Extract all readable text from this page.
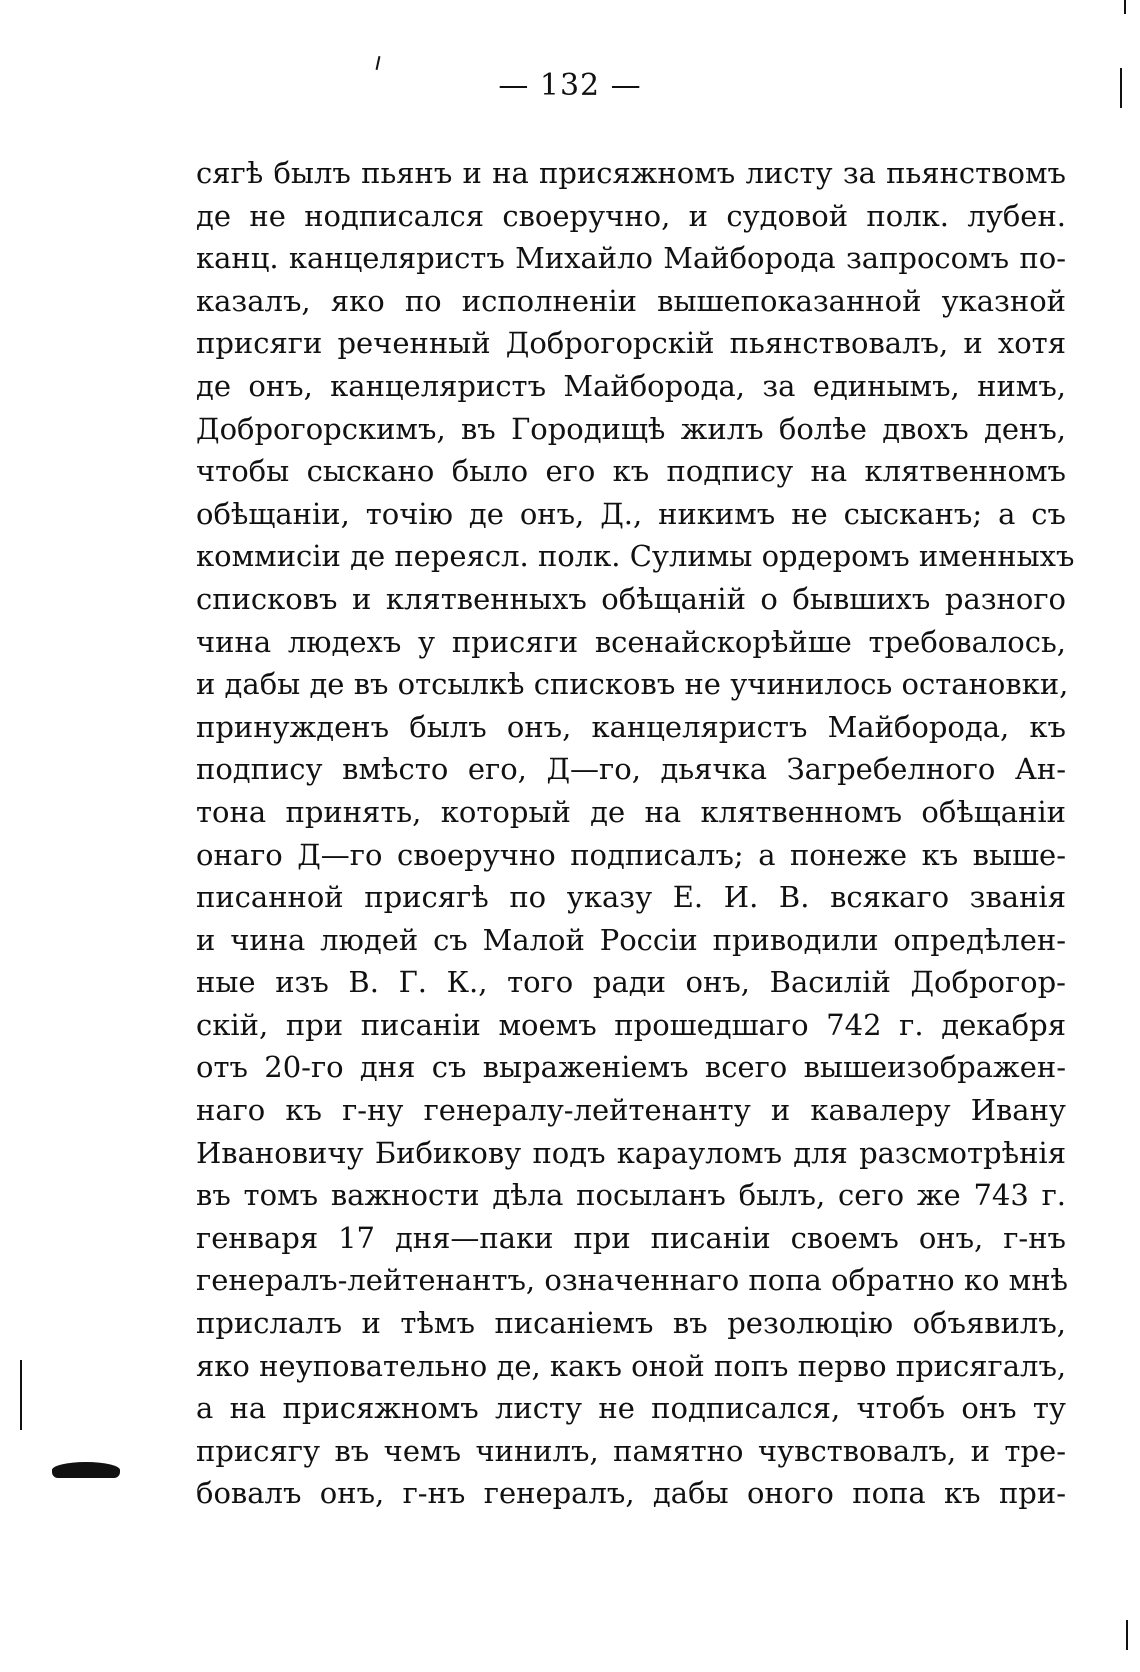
— 132 —
сягѣ былъ пьянъ и на присяжномъ листу за пьянствомъ
де не нодписался своеручно, и судовой полк. лубен.
канц. канцеляристъ Михайло Майборода запросомъ по-
казалъ, яко по исполненіи вышепоказанной указной
присяги реченный Доброгорскій пьянствовалъ, и хотя
де онъ, канцеляристъ Майборода, за единымъ, нимъ,
Доброгорскимъ, въ Городищѣ жилъ болѣе двохъ денъ,
чтобы сыскано было его къ подпису на клятвенномъ
обѣщаніи, точію де онъ, Д., никимъ не сысканъ; а съ
коммисіи де переясл. полк. Сулимы ордеромъ именныхъ
списковъ и клятвенныхъ обѣщаній о бывшихъ разного
чина людехъ у присяги всенайскорѣйше требовалось,
и дабы де въ отсылкѣ списковъ не учинилось остановки,
принужденъ былъ онъ, канцеляристъ Майборода, къ
подпису вмѣсто его, Д—го, дьячка Загребелного Ан-
тона принять, который де на клятвенномъ обѣщаніи
онаго Д—го своеручно подписалъ; а понеже къ выше-
писанной присягѣ по указу Е. И. В. всякаго званія
и чина людей съ Малой Россіи приводили опредѣлен-
ные изъ В. Г. К., того ради онъ, Василій Доброгор-
скій, при писаніи моемъ прошедшаго 742 г. декабря
отъ 20-го дня съ выраженіемъ всего вышеизображен-
наго къ г-ну генералу-лейтенанту и кавалеру Ивану
Ивановичу Бибикову подъ карауломъ для разсмотрѣнія
въ томъ важности дѣла посыланъ былъ, сего же 743 г.
генваря 17 дня—паки при писаніи своемъ онъ, г-нъ
генералъ-лейтенантъ, означеннаго попа обратно ко мнѣ
прислалъ и тѣмъ писаніемъ въ резолюцію объявилъ,
яко неуповательно де, какъ оной попъ перво присягалъ,
а на присяжномъ листу не подписался, чтобъ онъ ту
присягу въ чемъ чинилъ, памятно чувствовалъ, и тре-
бовалъ онъ, г-нъ генералъ, дабы оного попа къ при-
